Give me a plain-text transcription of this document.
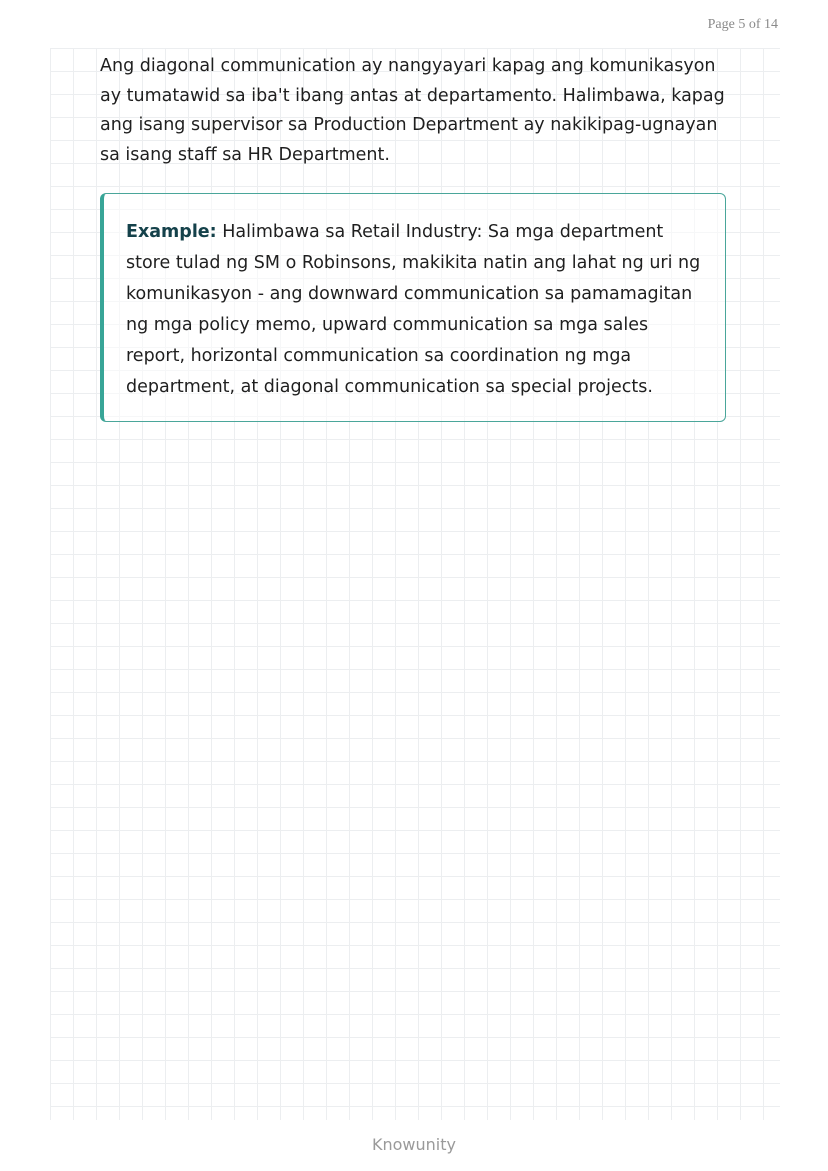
Page 5 of 14

Ang diagonal communication ay nangyayari kapag ang komunikasyon ay tumatawid sa iba't ibang antas at departamento. Halimbawa, kapag ang isang supervisor sa Production Department ay nakikipag-ugnayan sa isang staff sa HR Department.

Example: Halimbawa sa Retail Industry: Sa mga department store tulad ng SM o Robinsons, makikita natin ang lahat ng uri ng komunikasyon - ang downward communication sa pamamagitan ng mga policy memo, upward communication sa mga sales report, horizontal communication sa coordination ng mga department, at diagonal communication sa special projects.

Knowunity
